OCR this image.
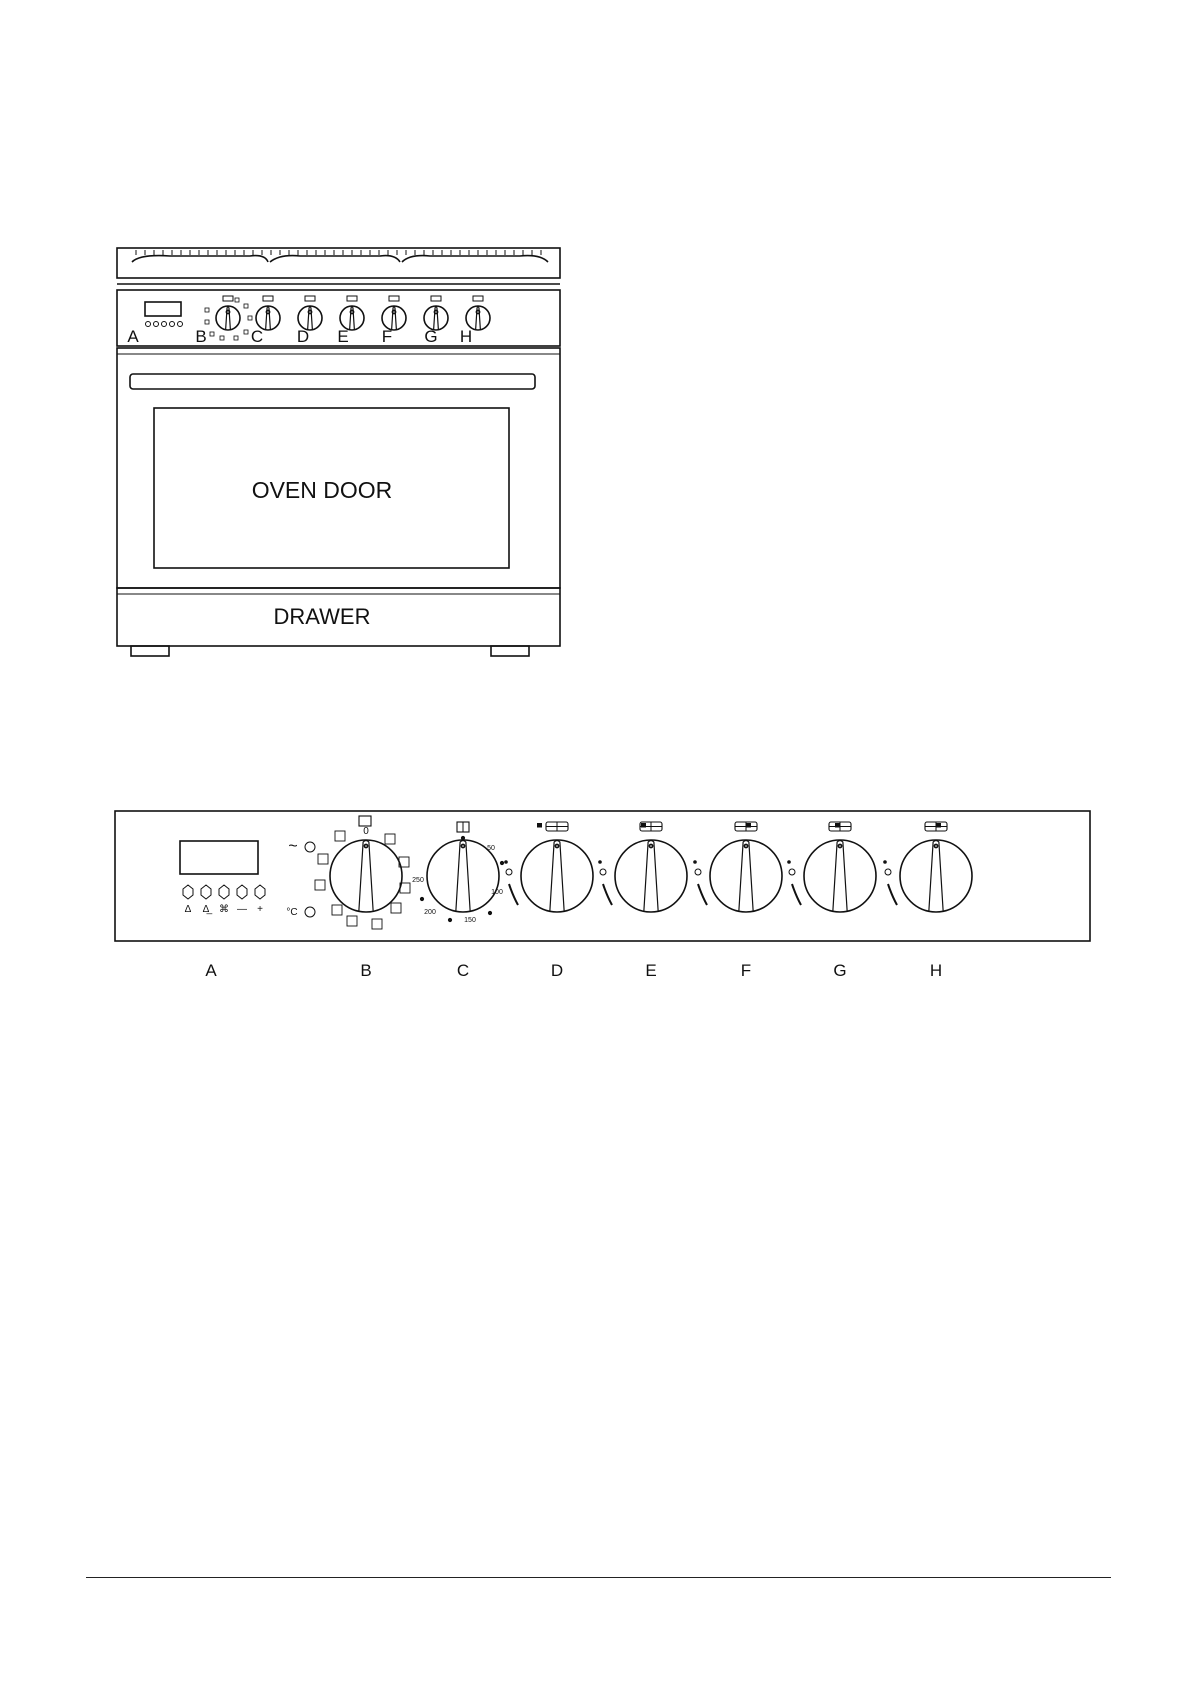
A	B	C D E F G H
OVEN DOOR
DRAWER
Δ Δ̲ ⌘ — +
~
°C
0
50
100
150
200
250
A	B	C	D	E	F	G	H
